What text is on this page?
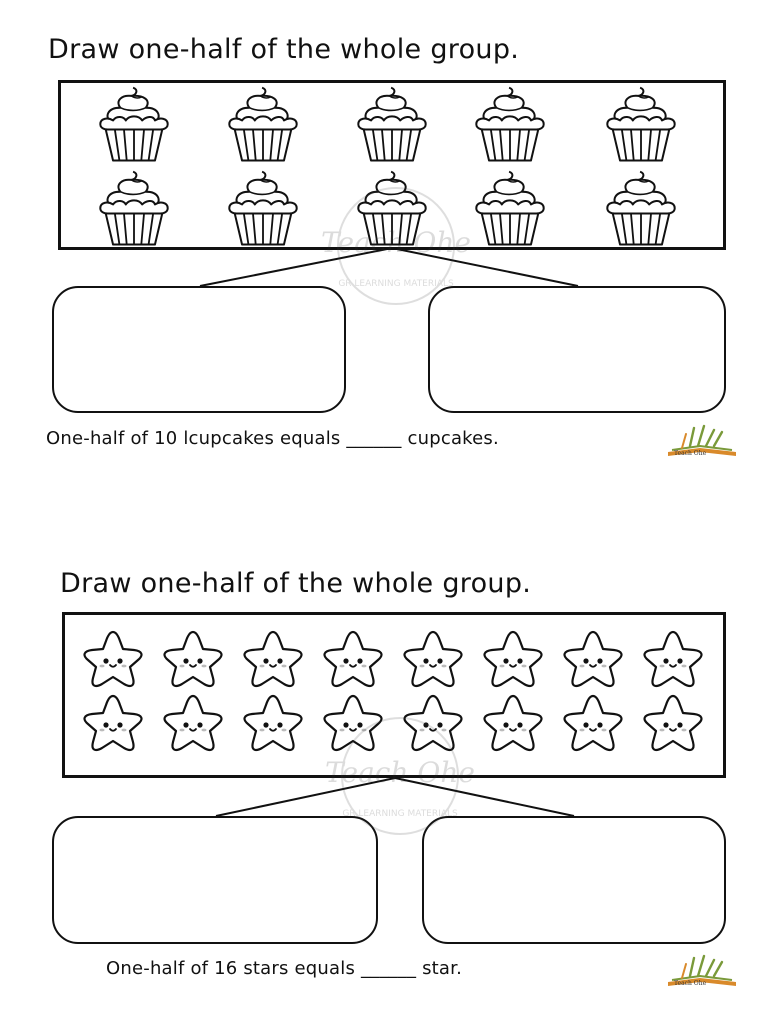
Draw one-half of the whole group.
One-half of 10 lcupcakes equals ______ cupcakes.
Teach Ohe
Draw one-half of the whole group.
One-half of 16 stars equals ______ star.
Teach Ohe
Teach Ohe
GR LEARNING MATERIALS
Teach Ohe
GR LEARNING MATERIALS
